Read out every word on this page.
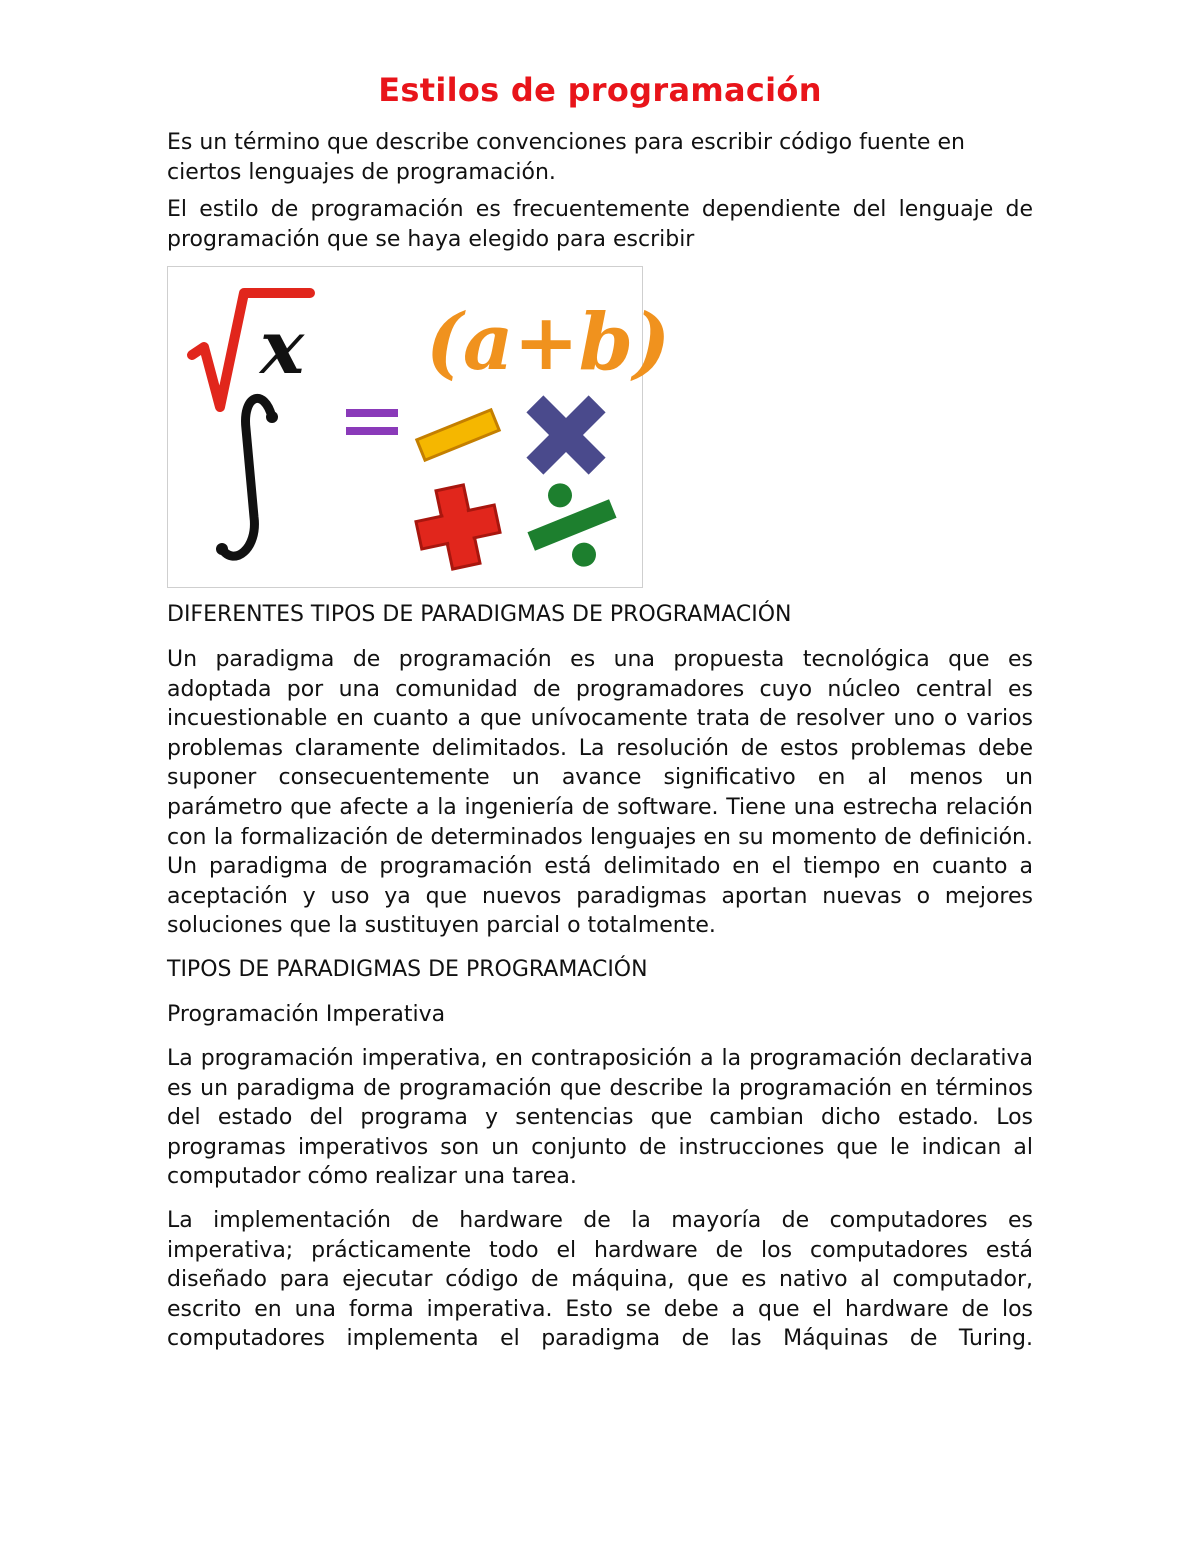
Estilos de programación

Es un término que describe convenciones para escribir código fuente en ciertos lenguajes de programación.

El estilo de programación es frecuentemente dependiente del lenguaje de programación que se haya elegido para escribir

x (a+b)

DIFERENTES TIPOS DE PARADIGMAS DE PROGRAMACIÓN

Un paradigma de programación es una propuesta tecnológica que es adoptada por una comunidad de programadores cuyo núcleo central es incuestionable en cuanto a que unívocamente trata de resolver uno o varios problemas claramente delimitados. La resolución de estos problemas debe suponer consecuentemente un avance significativo en al menos un parámetro que afecte a la ingeniería de software. Tiene una estrecha relación con la formalización de determinados lenguajes en su momento de definición. Un paradigma de programación está delimitado en el tiempo en cuanto a aceptación y uso ya que nuevos paradigmas aportan nuevas o mejores soluciones que la sustituyen parcial o totalmente.

TIPOS DE PARADIGMAS DE PROGRAMACIÓN

Programación Imperativa

La programación imperativa, en contraposición a la programación declarativa es un paradigma de programación que describe la programación en términos del estado del programa y sentencias que cambian dicho estado. Los programas imperativos son un conjunto de instrucciones que le indican al computador cómo realizar una tarea.

La implementación de hardware de la mayoría de computadores es imperativa; prácticamente todo el hardware de los computadores está diseñado para ejecutar código de máquina, que es nativo al computador, escrito en una forma imperativa. Esto se debe a que el hardware de los computadores implementa el paradigma de las Máquinas de Turing.
